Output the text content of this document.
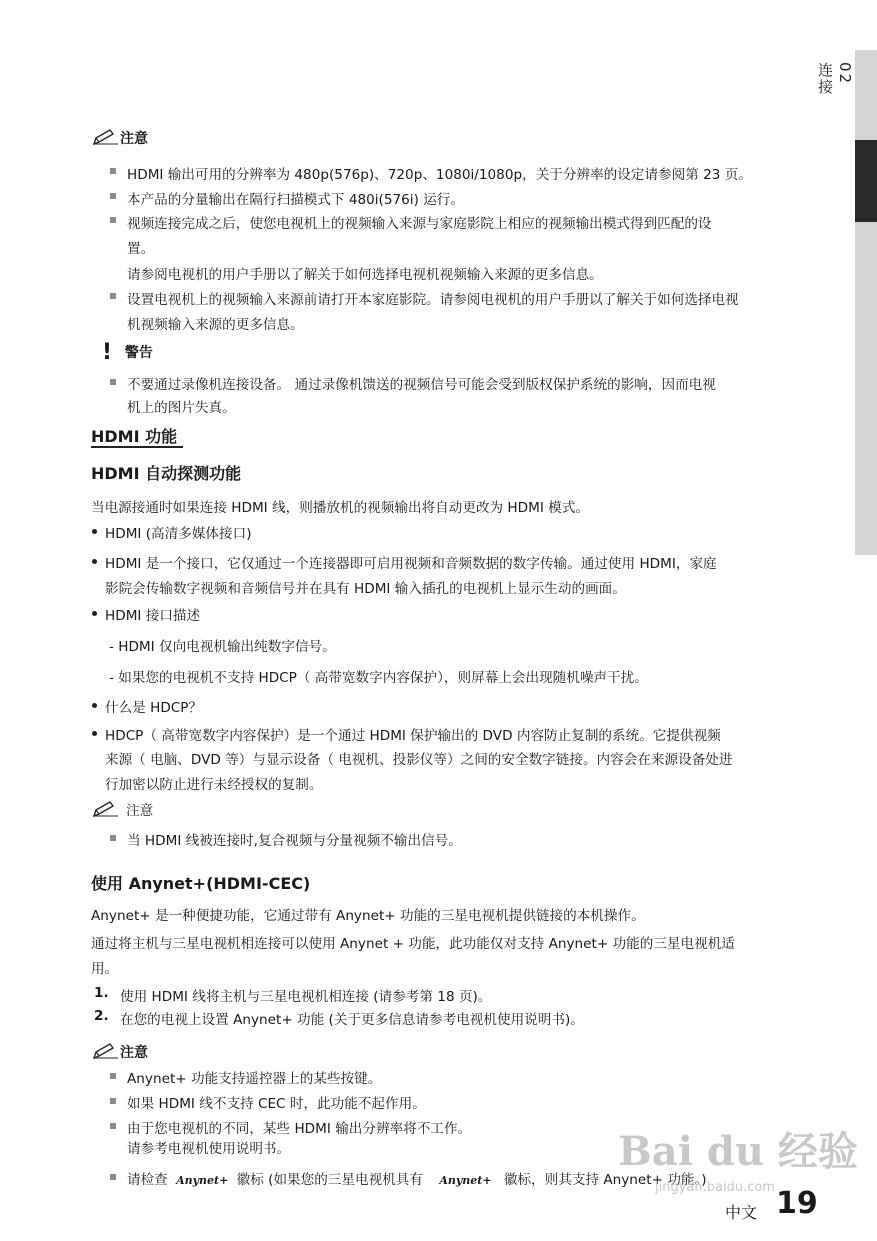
02
连接
注意
HDMI 输出可用的分辨率为 480p(576p)、720p、1080i/1080p，关于分辨率的设定请参阅第 23 页。
本产品的分量输出在隔行扫描模式下 480i(576i) 运行。
视频连接完成之后，使您电视机上的视频输入来源与家庭影院上相应的视频输出模式得到匹配的设
置。
请参阅电视机的用户手册以了解关于如何选择电视机视频输入来源的更多信息。
设置电视机上的视频输入来源前请打开本家庭影院。请参阅电视机的用户手册以了解关于如何选择电视
机视频输入来源的更多信息。
! 警告
不要通过录像机连接设备。 通过录像机馈送的视频信号可能会受到版权保护系统的影响，因而电视
机上的图片失真。
HDMI 功能
HDMI 自动探测功能
当电源接通时如果连接 HDMI 线，则播放机的视频输出将自动更改为 HDMI 模式。
HDMI (高清多媒体接口)
HDMI 是一个接口，它仅通过一个连接器即可启用视频和音频数据的数字传输。通过使用 HDMI，家庭
影院会传输数字视频和音频信号并在具有 HDMI 输入插孔的电视机上显示生动的画面。
HDMI 接口描述
- HDMI 仅向电视机输出纯数字信号。
- 如果您的电视机不支持 HDCP（ 高带宽数字内容保护），则屏幕上会出现随机噪声干扰。
什么是 HDCP？
HDCP（ 高带宽数字内容保护）是一个通过 HDMI 保护输出的 DVD 内容防止复制的系统。它提供视频
来源（ 电脑、DVD 等）与显示设备（ 电视机、投影仪等）之间的安全数字链接。内容会在来源设备处进
行加密以防止进行未经授权的复制。
注意
当 HDMI 线被连接时,复合视频与分量视频不输出信号。
使用 Anynet+(HDMI-CEC)
Anynet+ 是一种便捷功能，它通过带有 Anynet+ 功能的三星电视机提供链接的本机操作。
通过将主机与三星电视机相连接可以使用 Anynet + 功能，此功能仅对支持 Anynet+ 功能的三星电视机适
用。
1. 使用 HDMI 线将主机与三星电视机相连接 (请参考第 18 页)。
2. 在您的电视上设置 Anynet+ 功能 (关于更多信息请参考电视机使用说明书)。
注意
Anynet+ 功能支持遥控器上的某些按键。
如果 HDMI 线不支持 CEC 时，此功能不起作用。
由于您电视机的不同，某些 HDMI 输出分辨率将不工作。
请参考电视机使用说明书。
请检查 Anynet+ 徽标 (如果您的三星电视机具有 Anynet+ 徽标，则其支持 Anynet+ 功能。)
Bai du 经验
jingyan.baidu.com
中文 19
